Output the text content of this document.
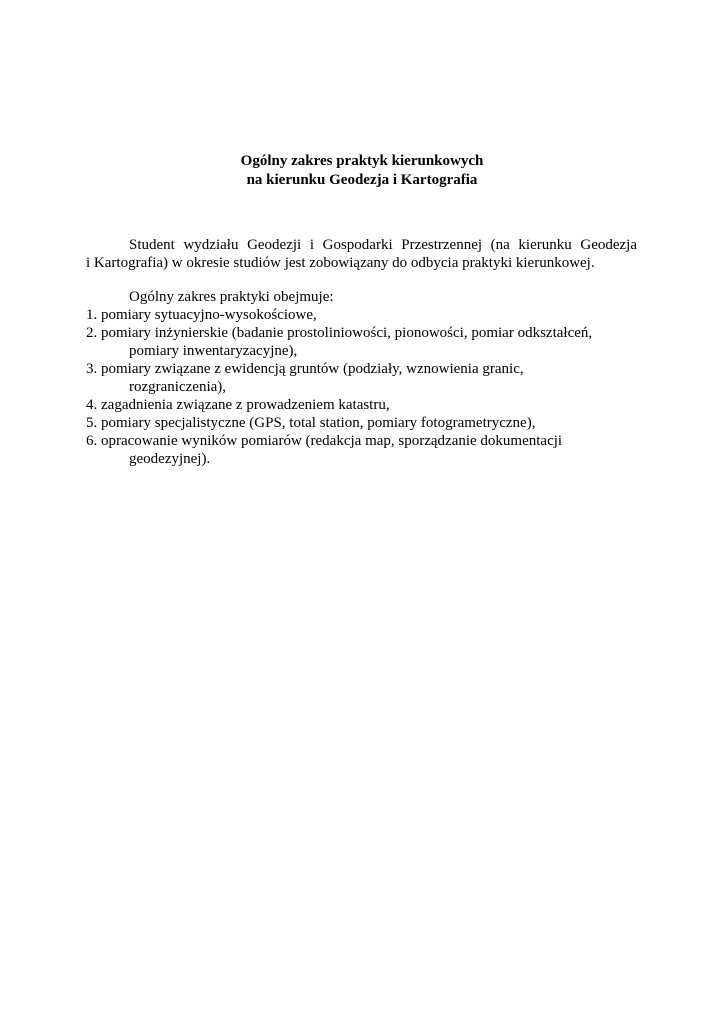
Ogólny zakres praktyk kierunkowych
na kierunku Geodezja i Kartografia
Student wydziału Geodezji i Gospodarki Przestrzennej (na kierunku Geodezja
i Kartografia) w okresie studiów jest zobowiązany do odbycia praktyki kierunkowej.
Ogólny zakres praktyki obejmuje:
1. pomiary sytuacyjno-wysokościowe,
2. pomiary inżynierskie (badanie prostoliniowości, pionowości, pomiar odkształceń,
pomiary inwentaryzacyjne),
3. pomiary związane z ewidencją gruntów (podziały, wznowienia granic,
rozgraniczenia),
4. zagadnienia związane z prowadzeniem katastru,
5. pomiary specjalistyczne (GPS, total station, pomiary fotogrametryczne),
6. opracowanie wyników pomiarów (redakcja map, sporządzanie dokumentacji
geodezyjnej).
